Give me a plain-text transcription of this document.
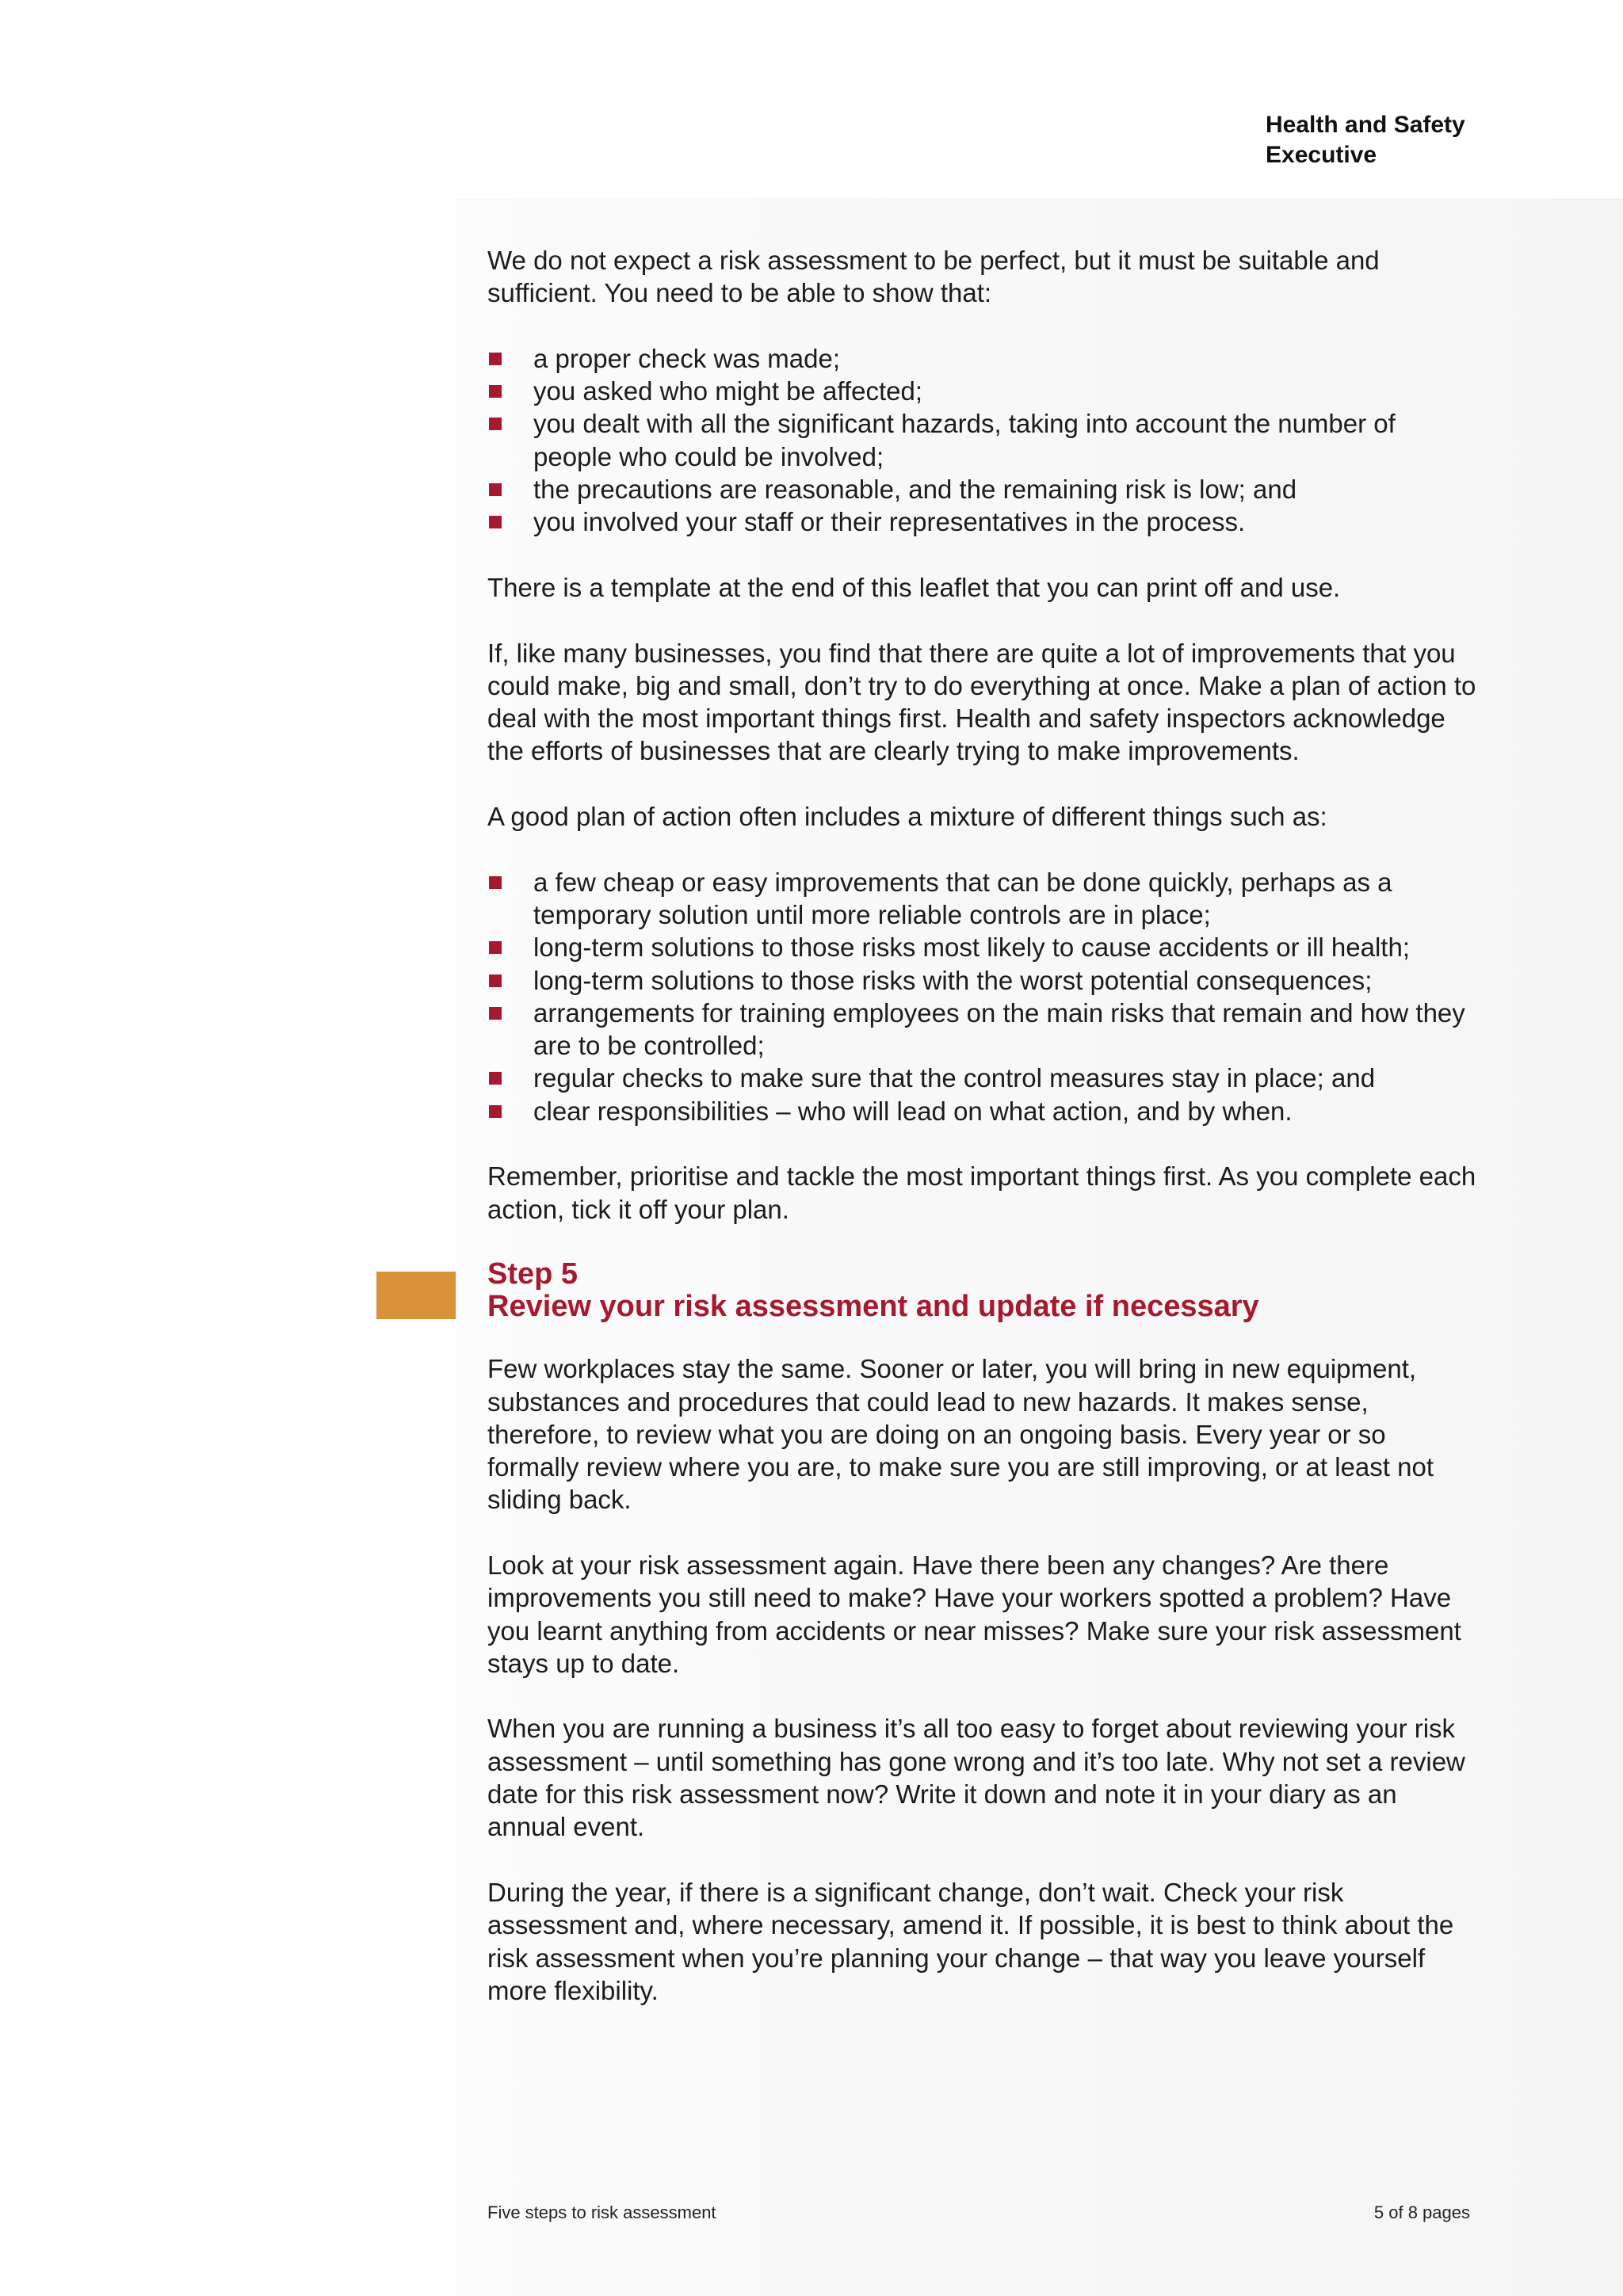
Health and Safety
Executive

We do not expect a risk assessment to be perfect, but it must be suitable and sufficient. You need to be able to show that:

a proper check was made;
you asked who might be affected;
you dealt with all the significant hazards, taking into account the number of people who could be involved;
the precautions are reasonable, and the remaining risk is low; and
you involved your staff or their representatives in the process.

There is a template at the end of this leaflet that you can print off and use.

If, like many businesses, you find that there are quite a lot of improvements that you could make, big and small, don’t try to do everything at once. Make a plan of action to deal with the most important things first. Health and safety inspectors acknowledge the efforts of businesses that are clearly trying to make improvements.

A good plan of action often includes a mixture of different things such as:

a few cheap or easy improvements that can be done quickly, perhaps as a temporary solution until more reliable controls are in place;
long-term solutions to those risks most likely to cause accidents or ill health;
long-term solutions to those risks with the worst potential consequences;
arrangements for training employees on the main risks that remain and how they are to be controlled;
regular checks to make sure that the control measures stay in place; and
clear responsibilities – who will lead on what action, and by when.

Remember, prioritise and tackle the most important things first. As you complete each action, tick it off your plan.

Step 5
Review your risk assessment and update if necessary

Few workplaces stay the same. Sooner or later, you will bring in new equipment, substances and procedures that could lead to new hazards. It makes sense, therefore, to review what you are doing on an ongoing basis. Every year or so formally review where you are, to make sure you are still improving, or at least not sliding back.

Look at your risk assessment again. Have there been any changes? Are there improvements you still need to make? Have your workers spotted a problem? Have you learnt anything from accidents or near misses? Make sure your risk assessment stays up to date.

When you are running a business it’s all too easy to forget about reviewing your risk assessment – until something has gone wrong and it’s too late. Why not set a review date for this risk assessment now? Write it down and note it in your diary as an annual event.

During the year, if there is a significant change, don’t wait. Check your risk assessment and, where necessary, amend it. If possible, it is best to think about the risk assessment when you’re planning your change – that way you leave yourself more flexibility.

Five steps to risk assessment	5 of 8 pages
